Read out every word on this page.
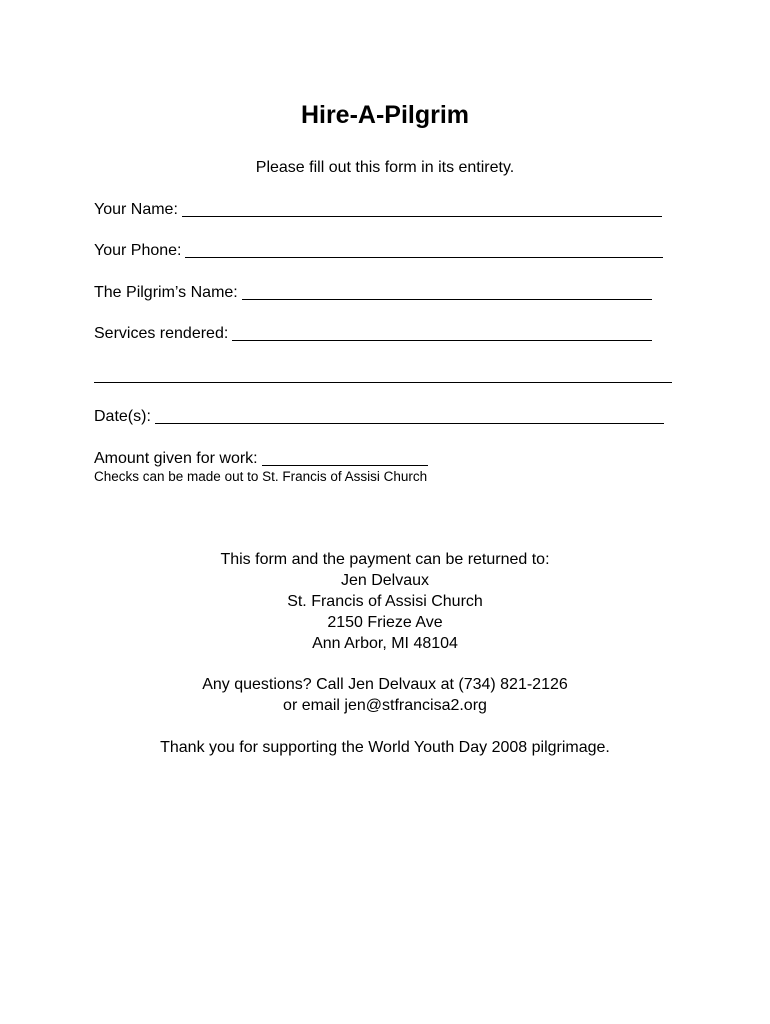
Hire-A-Pilgrim
Please fill out this form in its entirety.
Your Name:
Your Phone:
The Pilgrim’s Name:
Services rendered:
Date(s):
Amount given for work:
Checks can be made out to St. Francis of Assisi Church
This form and the payment can be returned to:
Jen Delvaux
St. Francis of Assisi Church
2150 Frieze Ave
Ann Arbor, MI 48104
Any questions? Call Jen Delvaux at (734) 821-2126
or email jen@stfrancisa2.org
Thank you for supporting the World Youth Day 2008 pilgrimage.
